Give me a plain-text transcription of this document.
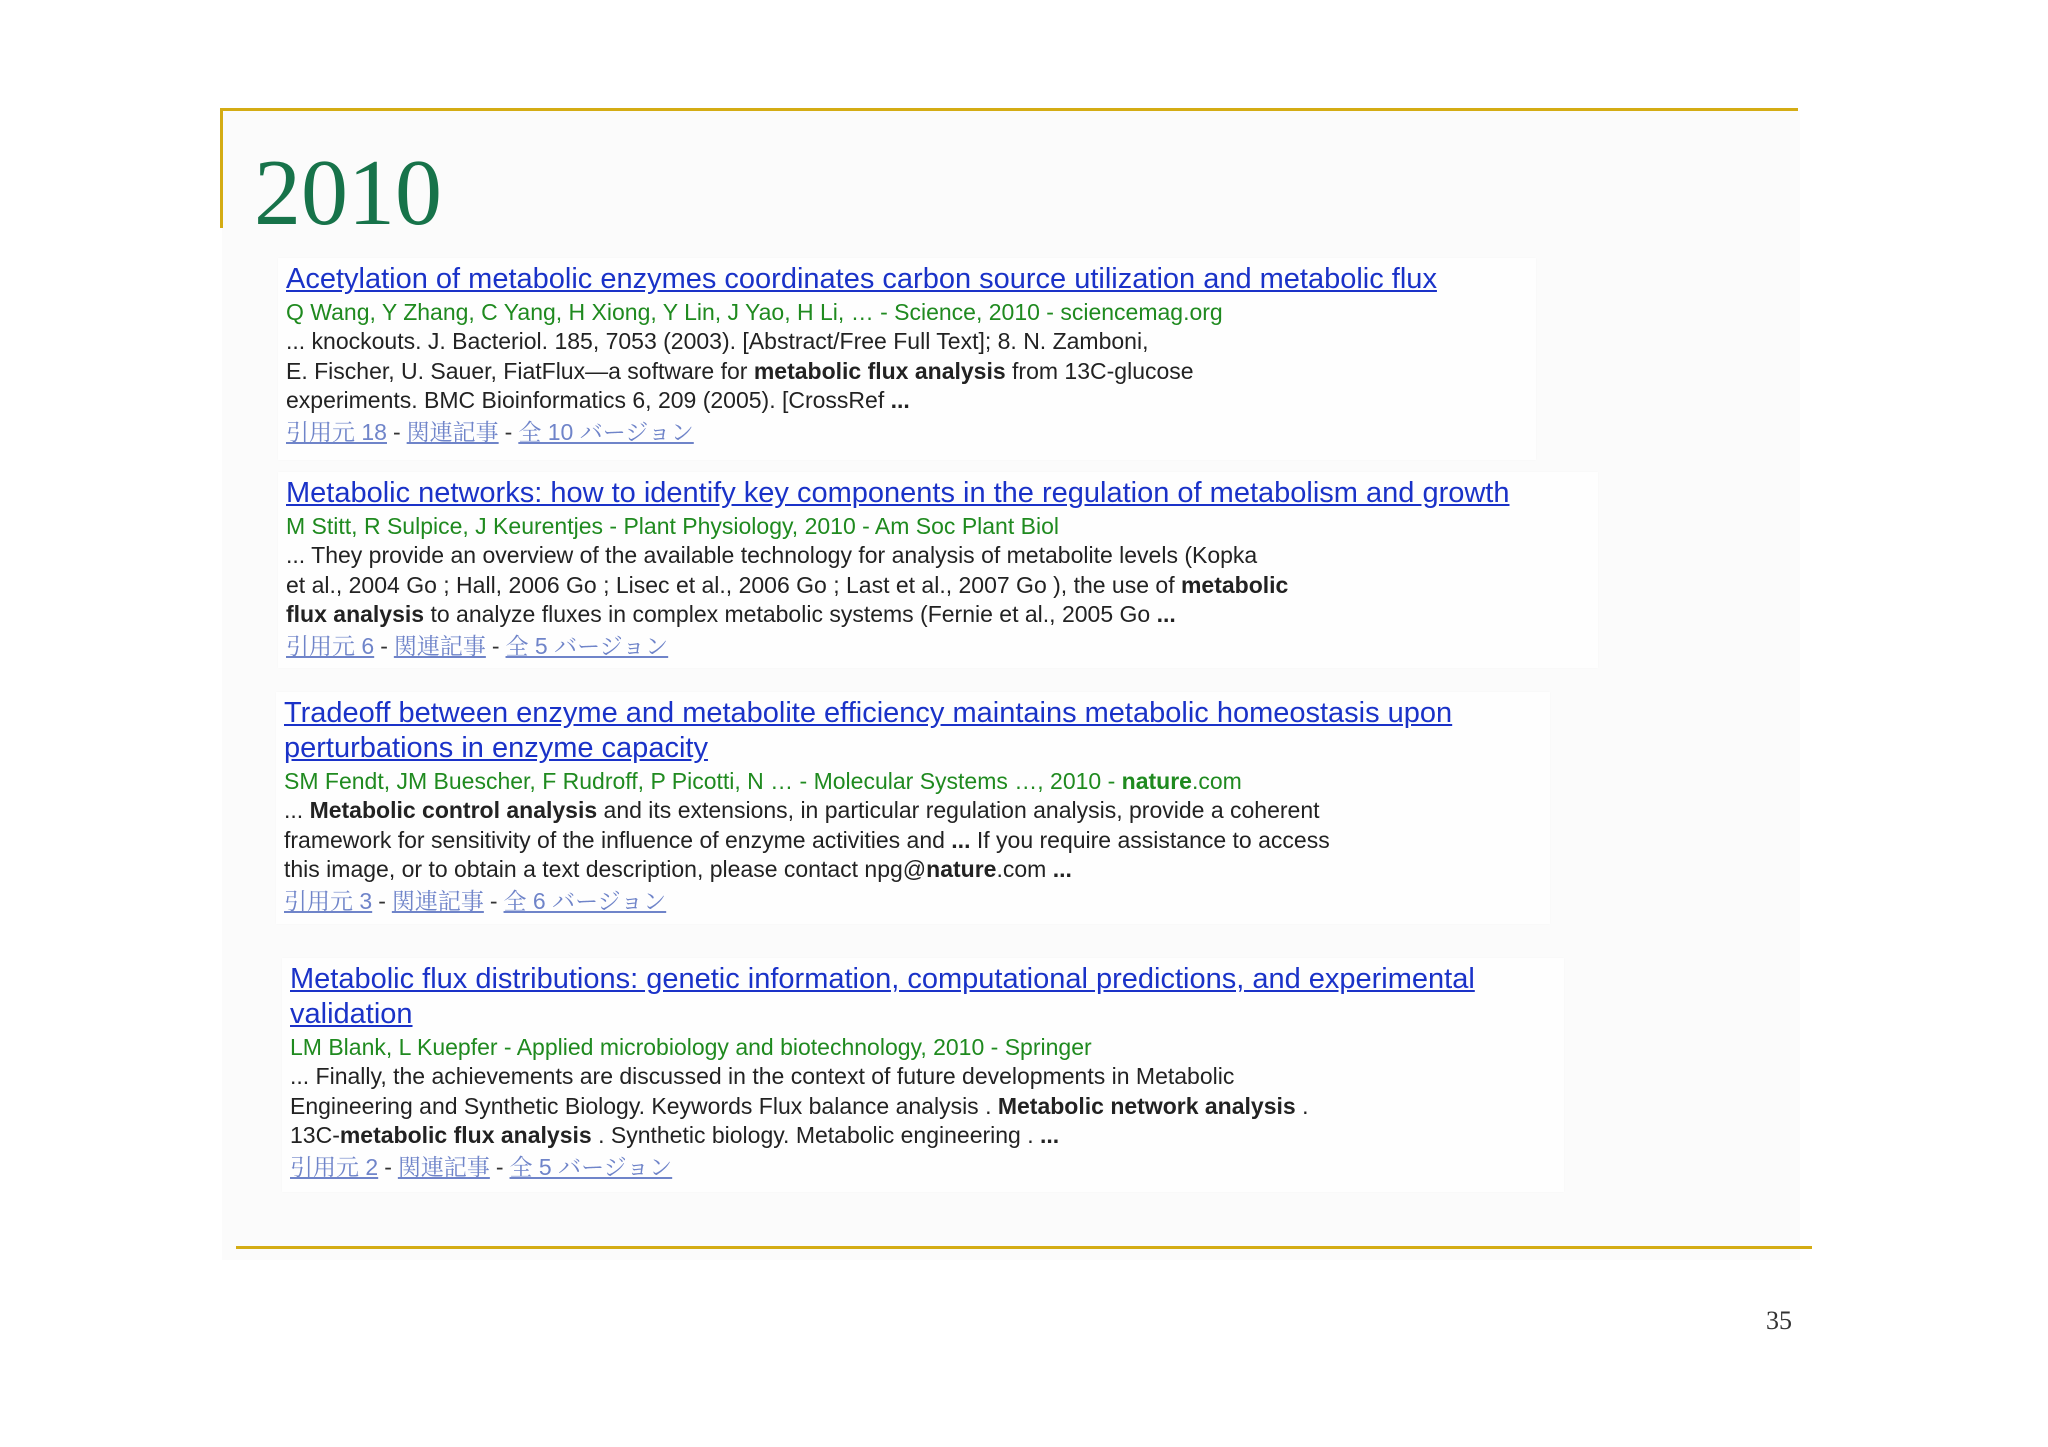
2010
Acetylation of metabolic enzymes coordinates carbon source utilization and metabolic flux
Q Wang, Y Zhang, C Yang, H Xiong, Y Lin, J Yao, H Li, … - Science, 2010 - sciencemag.org
... knockouts. J. Bacteriol. 185, 7053 (2003). [Abstract/Free Full Text]; 8. N. Zamboni,
E. Fischer, U. Sauer, FiatFlux—a software for metabolic flux analysis from 13C-glucose
experiments. BMC Bioinformatics 6, 209 (2005). [CrossRef ...
引用元 18 - 関連記事 - 全 10 バージョン
Metabolic networks: how to identify key components in the regulation of metabolism and growth
M Stitt, R Sulpice, J Keurentjes - Plant Physiology, 2010 - Am Soc Plant Biol
... They provide an overview of the available technology for analysis of metabolite levels (Kopka
et al., 2004 Go ; Hall, 2006 Go ; Lisec et al., 2006 Go ; Last et al., 2007 Go ), the use of metabolic
flux analysis to analyze fluxes in complex metabolic systems (Fernie et al., 2005 Go ...
引用元 6 - 関連記事 - 全 5 バージョン
Tradeoff between enzyme and metabolite efficiency maintains metabolic homeostasis upon perturbations in enzyme capacity
SM Fendt, JM Buescher, F Rudroff, P Picotti, N … - Molecular Systems …, 2010 - nature.com
... Metabolic control analysis and its extensions, in particular regulation analysis, provide a coherent
framework for sensitivity of the influence of enzyme activities and ... If you require assistance to access
this image, or to obtain a text description, please contact npg@nature.com ...
引用元 3 - 関連記事 - 全 6 バージョン
Metabolic flux distributions: genetic information, computational predictions, and experimental validation
LM Blank, L Kuepfer - Applied microbiology and biotechnology, 2010 - Springer
... Finally, the achievements are discussed in the context of future developments in Metabolic
Engineering and Synthetic Biology. Keywords Flux balance analysis . Metabolic network analysis .
13C-metabolic flux analysis . Synthetic biology. Metabolic engineering . ...
引用元 2 - 関連記事 - 全 5 バージョン
35
